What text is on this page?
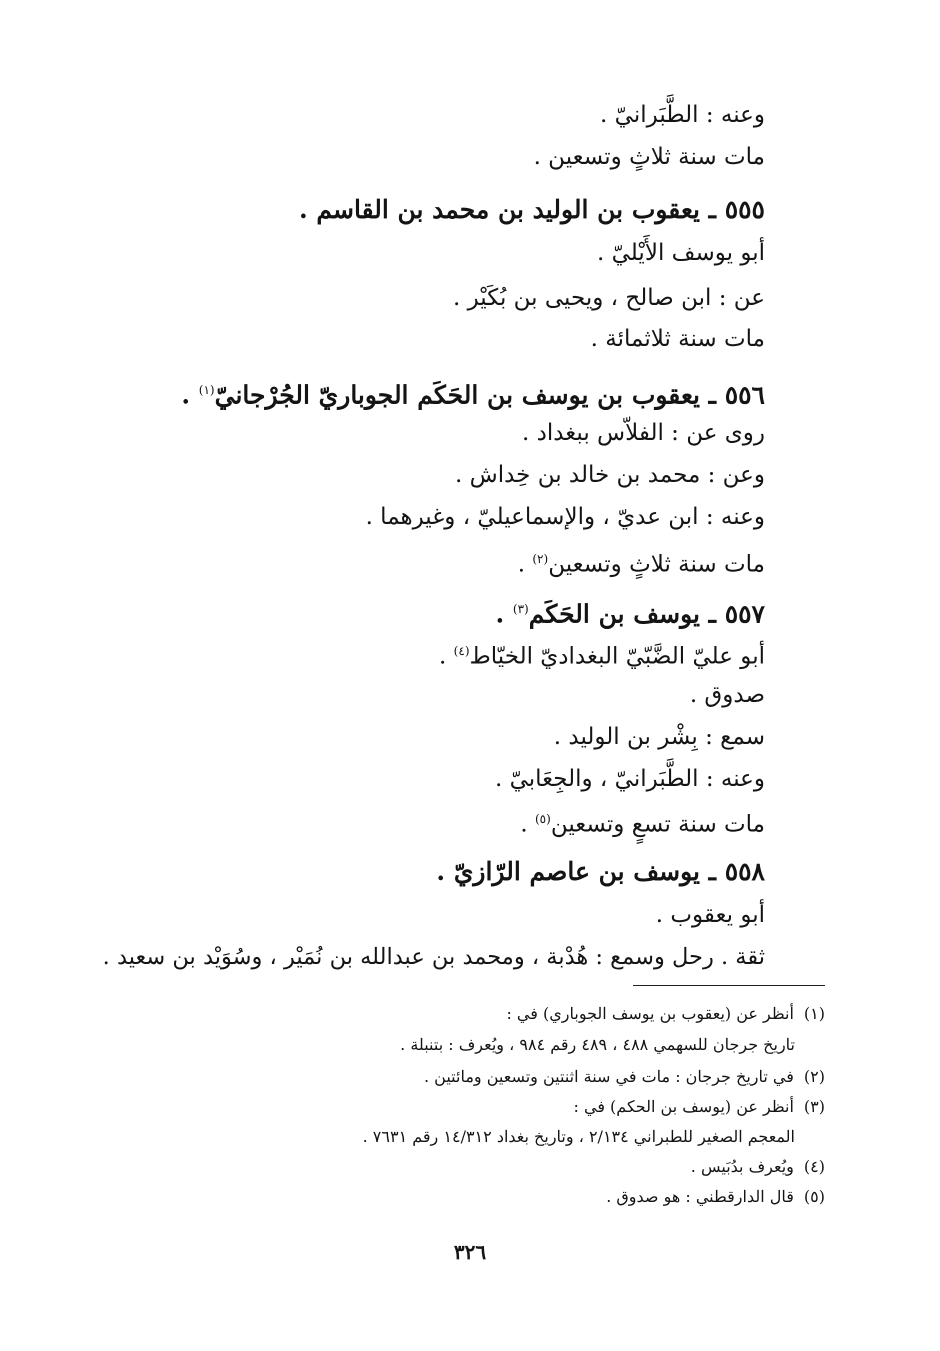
وعنه : الطَّبَرانيّ .
مات سنة ثلاثٍ وتسعين .
٥٥٥ ـ يعقوب بن الوليد بن محمد بن القاسم .
أبو يوسف الأَيْليّ .
عن : ابن صالح ، ويحيى بن بُكَيْر .
مات سنة ثلاثمائة .
٥٥٦ ـ يعقوب بن يوسف بن الحَكَم الجوباريّ الجُرْجانيّ$^{(١)}$ .
روى عن : الفلاّس ببغداد .
وعن : محمد بن خالد بن خِداش .
وعنه : ابن عديّ ، والإسماعيليّ ، وغيرهما .
مات سنة ثلاثٍ وتسعين$^{(٢)}$ .
٥٥٧ ـ يوسف بن الحَكَم$^{(٣)}$ .
أبو عليّ الضَّبّيّ البغداديّ الخيّاط$^{(٤)}$ .
صدوق .
سمع : بِشْر بن الوليد .
وعنه : الطَّبَرانيّ ، والجِعَابيّ .
مات سنة تسعٍ وتسعين$^{(٥)}$ .
٥٥٨ ـ يوسف بن عاصم الرّازيّ .
أبو يعقوب .
ثقة . رحل وسمع : هُدْبة ، ومحمد بن عبدالله بن نُمَيْر ، وسُوَيْد بن سعيد .
(١)أنظر عن (يعقوب بن يوسف الجوباري) في :
تاريخ جرجان للسهمي ٤٨٨ ، ٤٨٩ رقم ٩٨٤ ، ويُعرف : بتنبلة .
(٢)في تاريخ جرجان : مات في سنة اثنتين وتسعين ومائتين .
(٣)أنظر عن (يوسف بن الحكم) في :
المعجم الصغير للطبراني ٢/١٣٤ ، وتاريخ بغداد ١٤/٣١٢ رقم ٧٦٣١ .
(٤)ويُعرف بدُبَيس .
(٥)قال الدارقطني : هو صدوق .
٣٢٦
